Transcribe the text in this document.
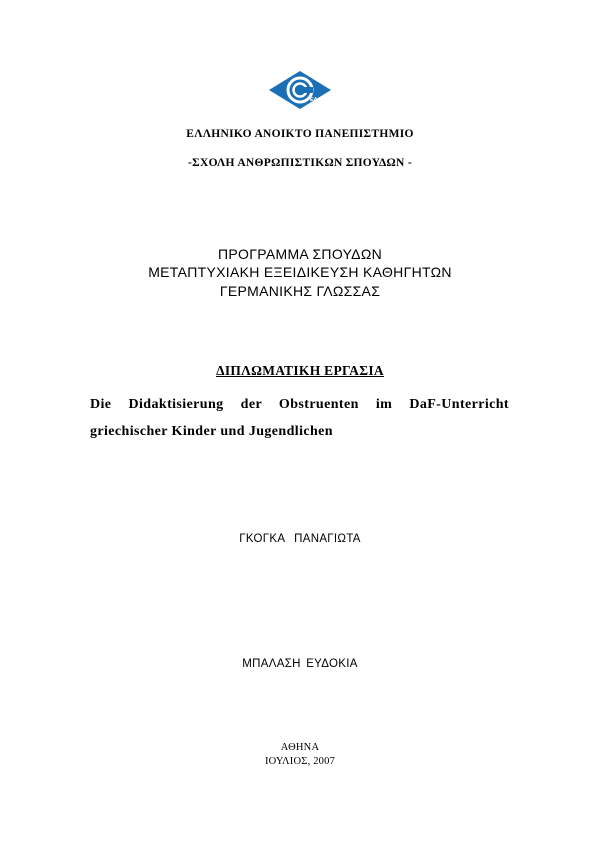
EA
ΕΛΛΗΝΙΚΟ ΑΝΟΙΚΤΟ ΠΑΝΕΠΙΣΤΗΜΙΟ
-ΣΧΟΛΗ ΑΝΘΡΩΠΙΣΤΙΚΩΝ ΣΠΟΥΔΩΝ -
ΠΡΟΓΡΑΜΜΑ ΣΠΟΥΔΩΝ
ΜΕΤΑΠΤΥΧΙΑΚΗ ΕΞΕΙΔΙΚΕΥΣΗ ΚΑΘΗΓΗΤΩΝ
ΓΕΡΜΑΝΙΚΗΣ ΓΛΩΣΣΑΣ
ΔΙΠΛΩΜΑΤΙΚΗ ΕΡΓΑΣΙΑ
Die Didaktisierung der Obstruenten im DaF-Unterricht
griechischer Kinder und Jugendlichen
ΓΚΟΓΚΑ ΠΑΝΑΓΙΩΤΑ
ΜΠΑΛΑΣΗ ΕΥΔΟΚΙΑ
ΑΘΗΝΑ
ΙΟΥΛΙΟΣ, 2007
